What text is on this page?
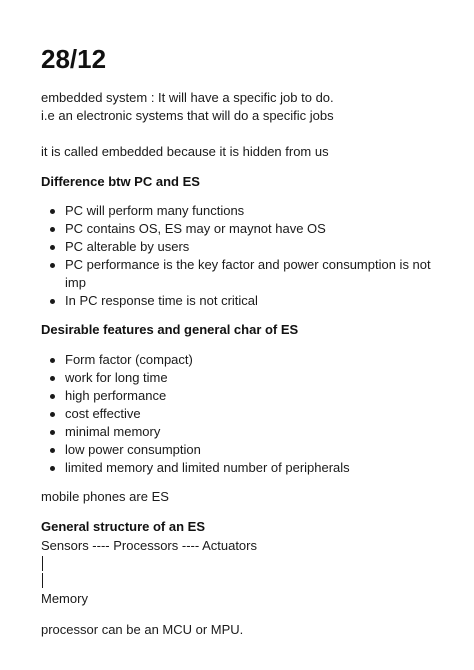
28/12
embedded system : It will have a specific job to do.
i.e an electronic systems that will do a specific jobs
it is called embedded because it is hidden from us
Difference btw PC and ES
PC will perform many functions
PC contains OS, ES may or maynot have OS
PC alterable by users
PC performance is the key factor and power consumption is not imp
In PC response time is not critical
Desirable features and general char of ES
Form factor (compact)
work for long time
high performance
cost effective
minimal memory
low power consumption
limited memory and limited number of peripherals
mobile phones are ES
General structure of an ES
Sensors ---- Processors ---- Actuators
Memory
processor can be an MCU or MPU.
